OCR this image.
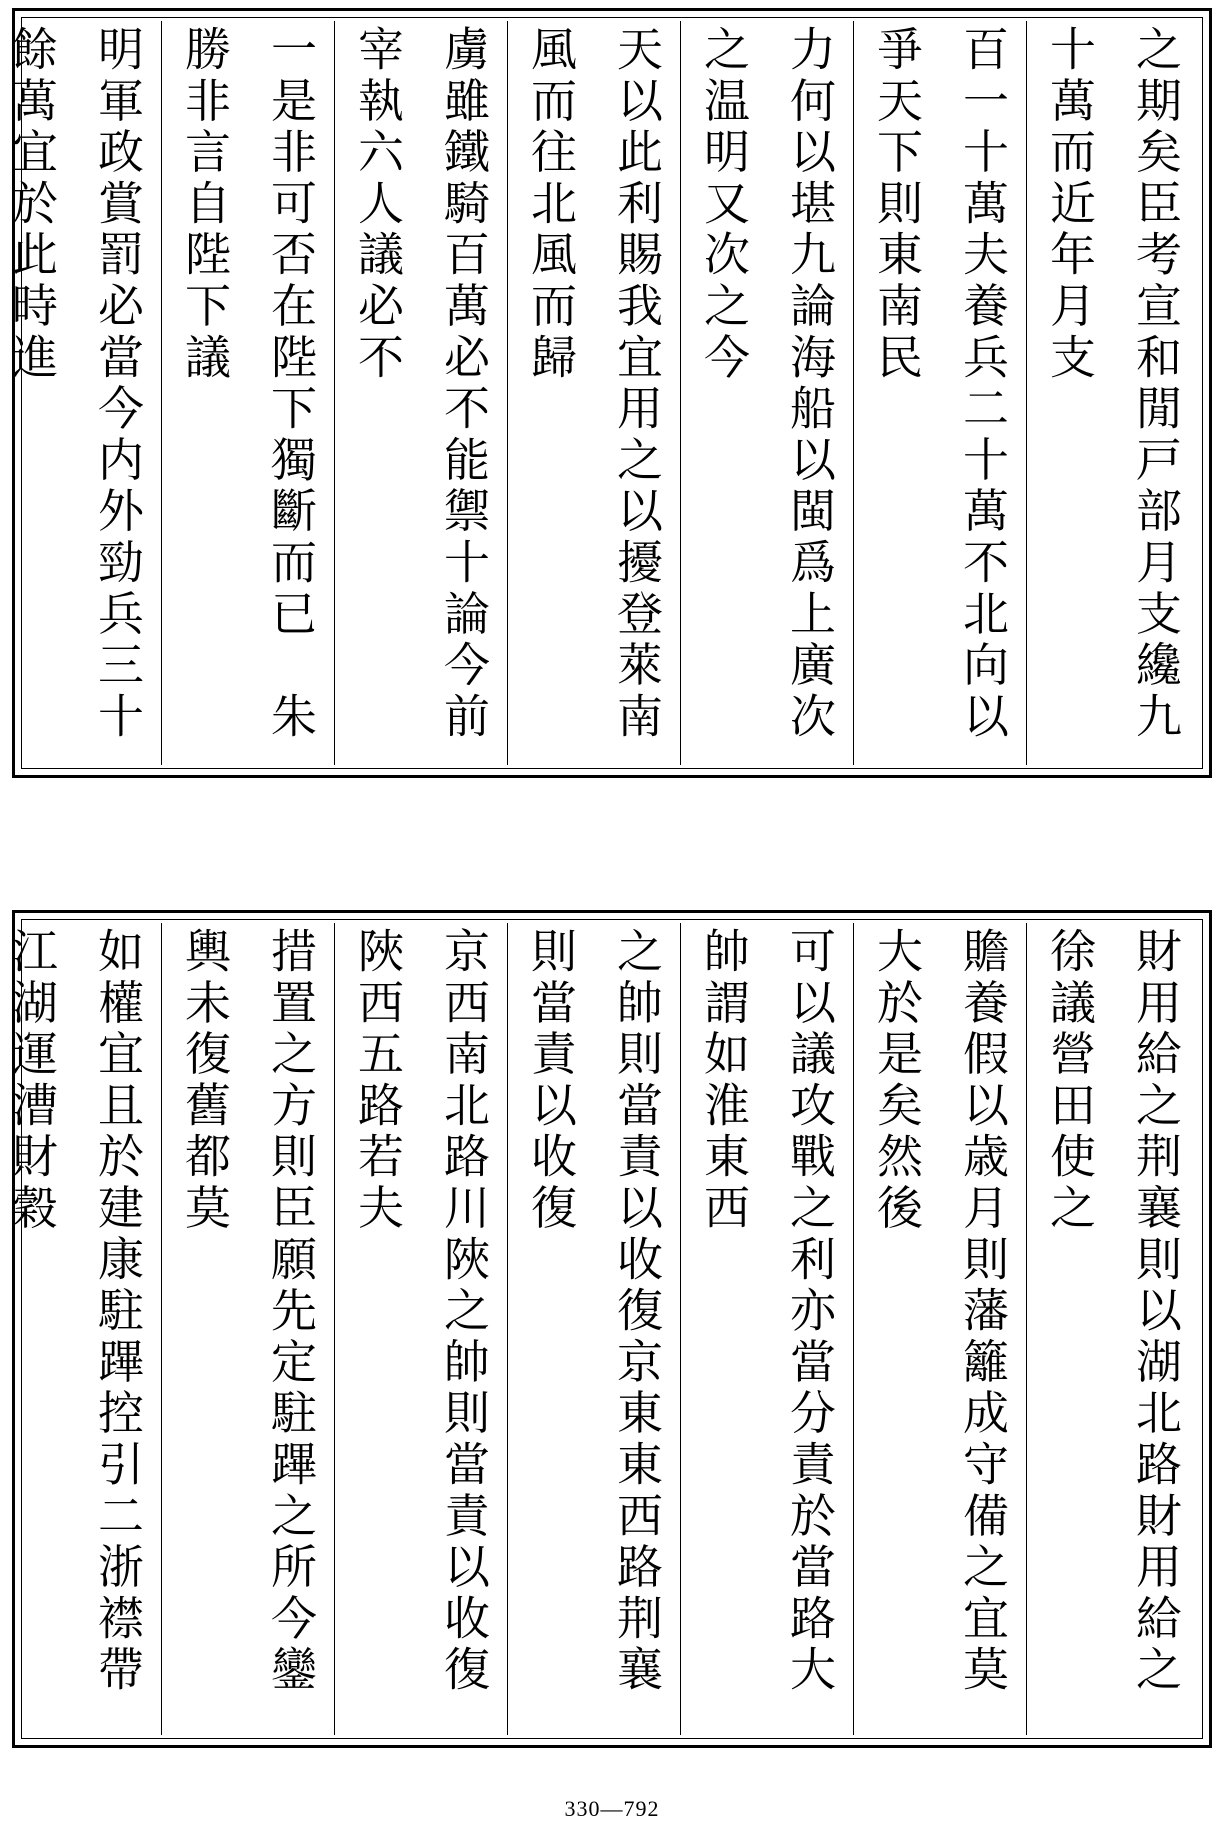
之期矣臣考宣和閒戸部月支纔九十萬而近年月支
百一十萬夫養兵二十萬不北向以爭天下則東南民
力何以堪九論海船以閩爲上廣次之温明又次之今
天以此利賜我宜用之以擾登萊南風而往北風而歸
虜雖鐵騎百萬必不能禦十論今前宰執六人議必不
一是非可否在陛下獨斷而已　朱勝非言自陛下議
明軍政賞罰必當今内外勁兵三十餘萬宜於此時進
財用給之荆襄則以湖北路財用給之徐議營田使之
贍養假以歳月則藩籬成守備之宜莫大於是矣然後
可以議攻戰之利亦當分責於當路大帥謂如淮東西
之帥則當責以收復京東東西路荆襄則當責以收復
京西南北路川陜之帥則當責以收復陜西五路若夫
措置之方則臣願先定駐蹕之所今鑾輿未復舊都莫
如權宜且於建康駐蹕控引二浙襟帶江湖運漕財穀
330—792
